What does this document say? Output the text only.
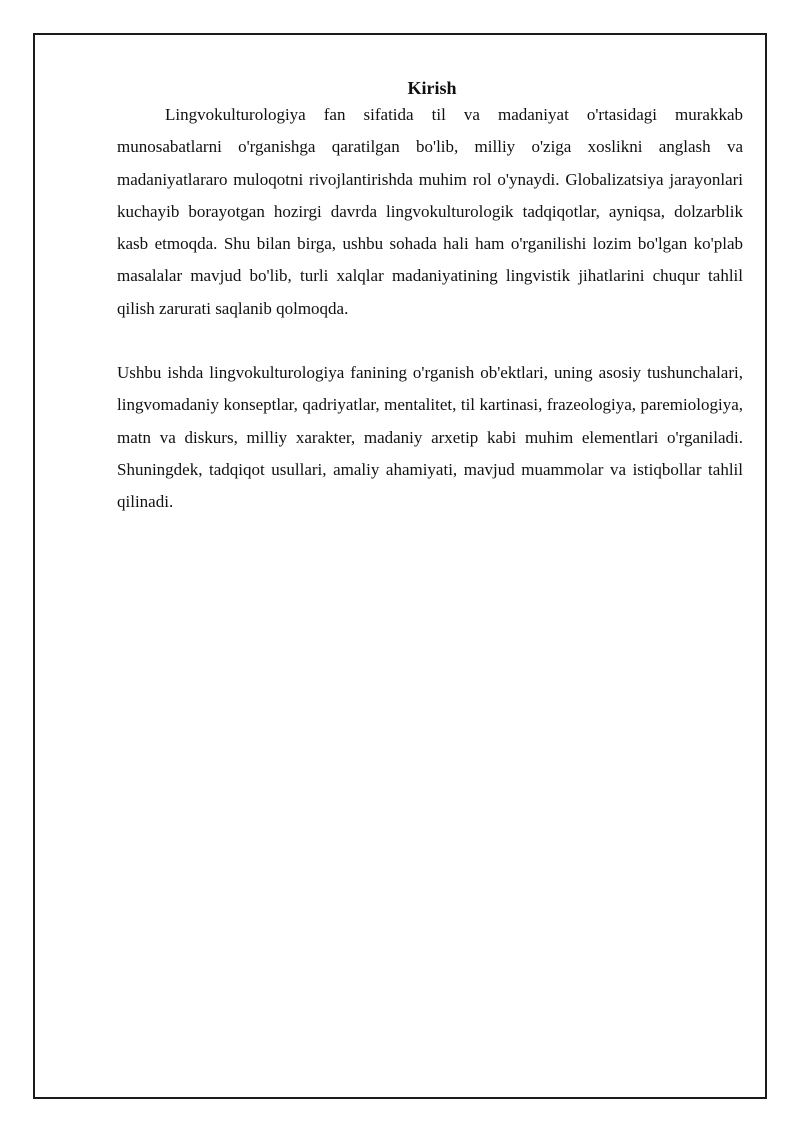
Kirish

Lingvokulturologiya fan sifatida til va madaniyat o'rtasidagi murakkab munosabatlarni o'rganishga qaratilgan bo'lib, milliy o'ziga xoslikni anglash va madaniyatlararo muloqotni rivojlantirishda muhim rol o'ynaydi. Globalizatsiya jarayonlari kuchayib borayotgan hozirgi davrda lingvokulturologik tadqiqotlar, ayniqsa, dolzarblik kasb etmoqda. Shu bilan birga, ushbu sohada hali ham o'rganilishi lozim bo'lgan ko'plab masalalar mavjud bo'lib, turli xalqlar madaniyatining lingvistik jihatlarini chuqur tahlil qilish zarurati saqlanib qolmoqda.

Ushbu ishda lingvokulturologiya fanining o'rganish ob'ektlari, uning asosiy tushunchalari, lingvomadaniy konseptlar, qadriyatlar, mentalitet, til kartinasi, frazeologiya, paremiologiya, matn va diskurs, milliy xarakter, madaniy arxetip kabi muhim elementlari o'rganiladi. Shuningdek, tadqiqot usullari, amaliy ahamiyati, mavjud muammolar va istiqbollar tahlil qilinadi.
